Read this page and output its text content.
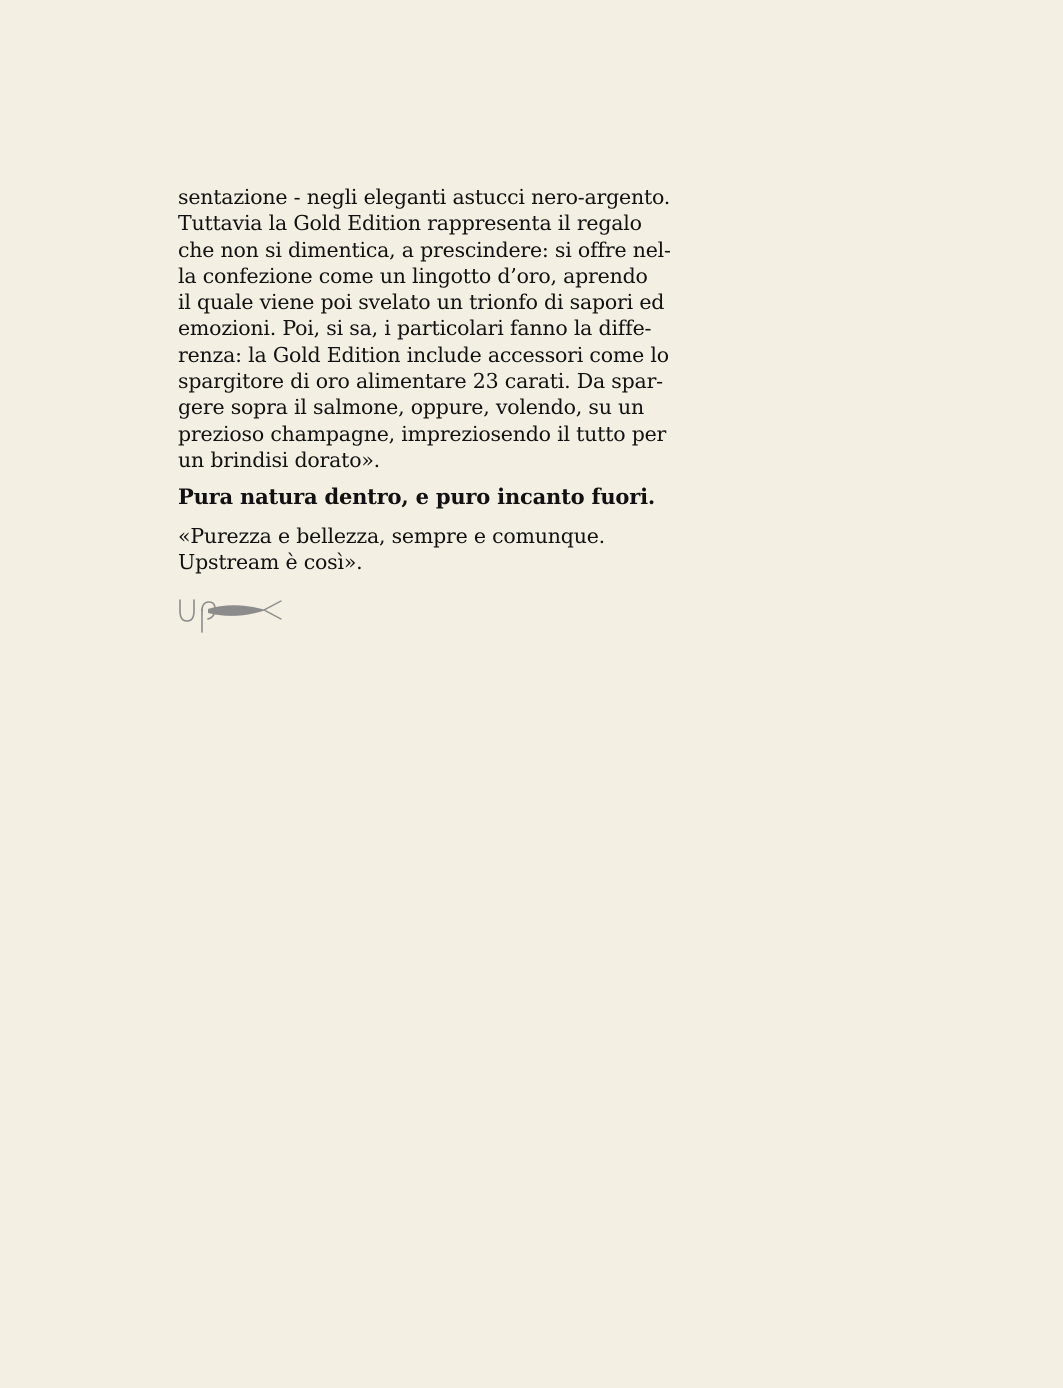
sentazione - negli eleganti astucci nero-argento.
Tuttavia la Gold Edition rappresenta il regalo
che non si dimentica, a prescindere: si offre nel-
la confezione come un lingotto d’oro, aprendo
il quale viene poi svelato un trionfo di sapori ed
emozioni. Poi, si sa, i particolari fanno la diffe-
renza: la Gold Edition include accessori come lo
spargitore di oro alimentare 23 carati. Da spar-
gere sopra il salmone, oppure, volendo, su un
prezioso champagne, impreziosendo il tutto per
un brindisi dorato».

Pura natura dentro, e puro incanto fuori.

«Purezza e bellezza, sempre e comunque.
Upstream è così».
